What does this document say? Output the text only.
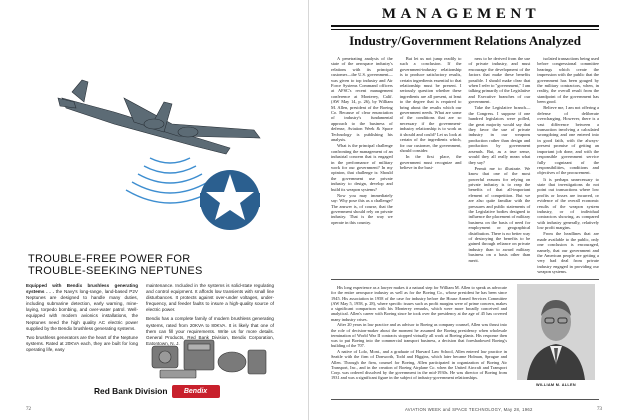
TROUBLE-FREE POWER FOR
TROUBLE-SEEKING NEPTUNES
Equipped with Bendix brushless generating systems . . . the Navy's long-range, land-based P2V Neptunes are designed to handle many duties, including submarine detection, early warning, mine-laying, torpedo bombing, and over-water patrol. Well-equipped with modern avionics installations, the Neptunes need the high quality AC electric power supplied by the Bendix brushless generating systems.
Two brushless generators are the heart of the Neptune systems. Rated at 20KVA each, they are built for long operating life, easy
maintenance. Included in the systems is solid-state regulating and control equipment. It affords low transients with small line disturbances. It protects against over-under voltages, under-frequency, and feeder faults to insure a high-quality source of electric power.
Bendix has a complete family of modern brushless generating systems, rated from 20KVA to 80KVA. It is likely that one of them can fill your requirements. Write us for more details. General Products, Red Bank Division, Bendix Corporation, Eatontown, N. J.
Red Bank Division	Bendix
72
MANAGEMENT
Industry/Government Relations Analyzed

A penetrating analysis of the state of the aerospace industry's relations with its principal customer—the U.S. government—was given to top industry and Air Force Systems Command officers at AFSC's recent management conference at Monterey, Calif. (AW May 14, p. 26), by William M. Allen, president of the Boeing Co. Because of clear enunciation of industry's fundamental approach to the business of defense, Aviation Week & Space Technology is publishing his analysis.

What is the principal challenge confronting the management of an industrial concern that is engaged in the performance of military work for our government? In my opinion, that challenge is: Should the government use private industry to design, develop and build its weapon systems?

Now you may immediately say: Why pose this as a challenge? The answer is, of course, that the government should rely on private industry. That is the way we operate in this country.

But let us not jump readily to such a conclusion. If the government-industry relationship is to produce satisfactory results, certain ingredients essential to that relationship must be present. I seriously question whether these ingredients are all present, at least to the degree that is required to bring about the results which our government needs. What are some of the conditions that are so necessary if the government-industry relationship is to work as it should and could? Let us look at certain of the ingredients which, for our customer, the government, should consider.

In the first place, the government must recognize and believe in the busi-

ness to be derived from the use of private industry, and must encourage the development of the factors that make these benefits possible. I should make clear that when I refer to "government," I am talking primarily of the Legislative and Executive branches of our government.

Take the Legislative branch—the Congress. I suppose if one hundred legislators were polled, the great majority would say that they favor the use of private industry in our weapons production rather than design and production by government arsenals. But, as a true sense, would they all really mean what they say?

Permit me to illustrate. We know that one of the most powerful reasons for relying on private industry is to reap the benefits of that all-important element of competition. But we are also quite familiar with the pressures and public statements of the Legislative bodies designed to influence the placement of military business on the basis of need for employment or geographical distribution. There is no better way of destroying the benefits to be gained through reliance on private industry than to award military business on a basis other than merit.

isolated transactions being used before congressional committee hearings which create the impression with the public that the government has been gouged by the military contractors, when, in reality, the overall result from the standpoint of the government has been good.

Believe me, I am not offering a defense of deliberate overcharging. However, there is a vast difference between a transaction involving a calculated wrongdoing and one entered into in good faith, with the always-present promise of getting an important job done, and with the responsible government service fully cognizant of the responsibilities, conditions and objectives of the procurement.

It is perhaps unnecessary to state that investigations do not point out transactions where low profits or losses are incurred, or evidence of the overall economic results of the weapon system industry, or of individual contractors showing, as compared with industry generally, relatively low profit margins.

From the headlines that are made available to the public, only one conclusion is encouraged, namely, that our government and the American people are getting a very bad deal from private industry engaged in providing our weapon systems.

His long experience as a lawyer makes it a natural step for William M. Allen to speak as advocate for the entire aerospace industry as well as for the Boeing Co., whose president he has been since 1945. His association in 1958 of the case for industry before the House Armed Services Committee (AW May 5, 1958, p. 28), where specific issues such as profit margins were of prime concern, makes a significant comparison with his Monterey remarks, which were more broadly conceived and analytical. Allen's career with Boeing since he took over the presidency at the age of 45 has covered many industry crises.

After 20 years in law practice and as advisor to Boeing as company counsel, Allen was thrust into the role of decision-maker about the moment he assumed the Boeing presidency when wholesale termination of World War II contracts stopped virtually all work at Boeing plants. His response then was to put Boeing into the commercial transport business, a decision that foreshadowed Boeing's building of the 707.

A native of Lolo, Mont., and a graduate of Harvard Law School, Allen entered law practice in Seattle with the firm of Donworth, Todd and Higgins, which later became Holman, Sprague and Allen. Through the firm, counsel for Boeing, Allen participated in organization of Boeing Air Transport, Inc., and in the creation of Boeing Airplane Co. when the United Aircraft and Transport Corp. was ordered dissolved by the government in the mid-1930s. He was director of Boeing from 1931 and was a significant figure in the subject of industry-government relationships.

WILLIAM M. ALLEN
AVIATION WEEK and SPACE TECHNOLOGY, May 28, 1962	73
